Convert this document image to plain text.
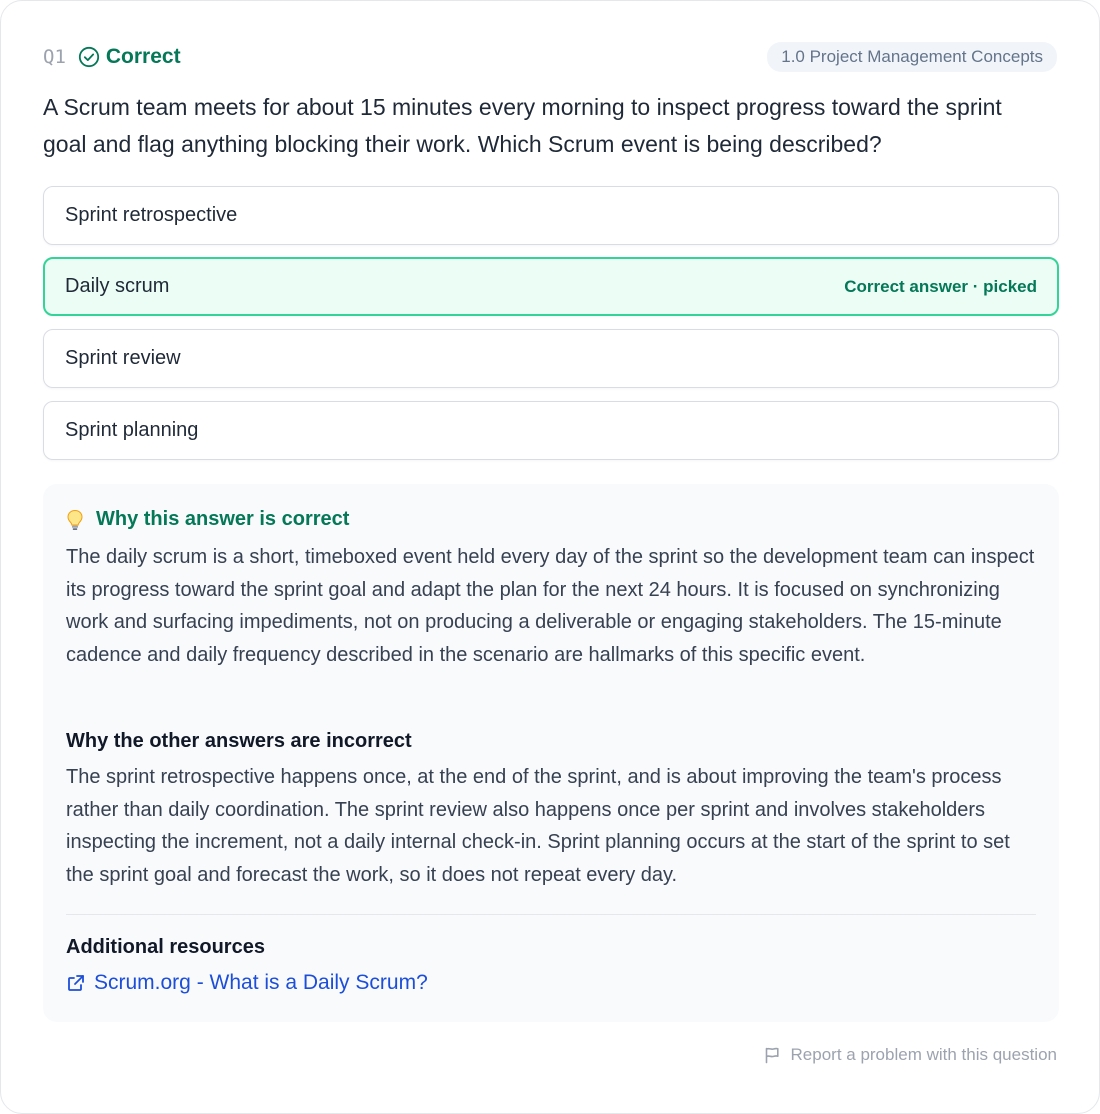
Q1 Correct	1.0 Project Management Concepts
A Scrum team meets for about 15 minutes every morning to inspect progress toward the sprint goal and flag anything blocking their work. Which Scrum event is being described?
Sprint retrospective
Daily scrum	Correct answer · picked
Sprint review
Sprint planning
Why this answer is correct
The daily scrum is a short, timeboxed event held every day of the sprint so the development team can inspect its progress toward the sprint goal and adapt the plan for the next 24 hours. It is focused on synchronizing work and surfacing impediments, not on producing a deliverable or engaging stakeholders. The 15-minute cadence and daily frequency described in the scenario are hallmarks of this specific event.
Why the other answers are incorrect
The sprint retrospective happens once, at the end of the sprint, and is about improving the team's process rather than daily coordination. The sprint review also happens once per sprint and involves stakeholders inspecting the increment, not a daily internal check-in. Sprint planning occurs at the start of the sprint to set the sprint goal and forecast the work, so it does not repeat every day.
Additional resources
Scrum.org - What is a Daily Scrum?
Report a problem with this question
